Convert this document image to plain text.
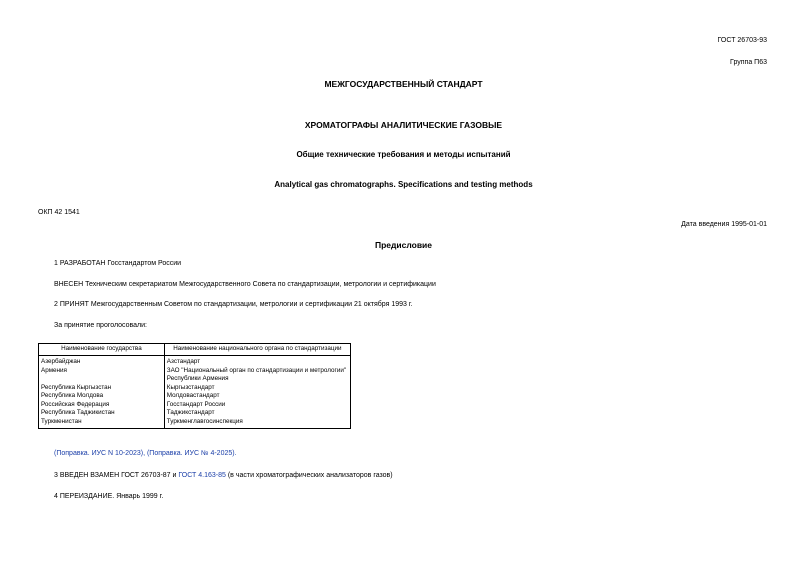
ГОСТ 26703-93
Группа П63
МЕЖГОСУДАРСТВЕННЫЙ СТАНДАРТ
ХРОМАТОГРАФЫ АНАЛИТИЧЕСКИЕ ГАЗОВЫЕ
Общие технические требования и методы испытаний
Analytical gas chromatographs. Specifications and testing methods
ОКП 42 1541
Дата введения 1995-01-01
Предисловие
1 РАЗРАБОТАН Госстандартом России
ВНЕСЕН Техническим секретариатом Межгосударственного Совета по стандартизации, метрологии и сертификации
2 ПРИНЯТ Межгосударственным Советом по стандартизации, метрологии и сертификации 21 октября 1993 г.
За принятие проголосовали:
Наименование государства	Наименование национального органа по стандартизации
Азербайджан	Азстандарт
Армения	ЗАО "Национальный орган по стандартизации и метрологии" Республики Армения
Республика Кыргызстан	Кыргызстандарт
Республика Молдова	Молдовастандарт
Российская Федерация	Госстандарт России
Республика Таджикистан	Таджикстандарт
Туркменистан	Туркменглавгосинспекция
(Поправка. ИУС N 10-2023), (Поправка. ИУС № 4-2025).
3 ВВЕДЕН ВЗАМЕН ГОСТ 26703-87 и ГОСТ 4.163-85 (в части хроматографических анализаторов газов)
4 ПЕРЕИЗДАНИЕ. Январь 1999 г.
